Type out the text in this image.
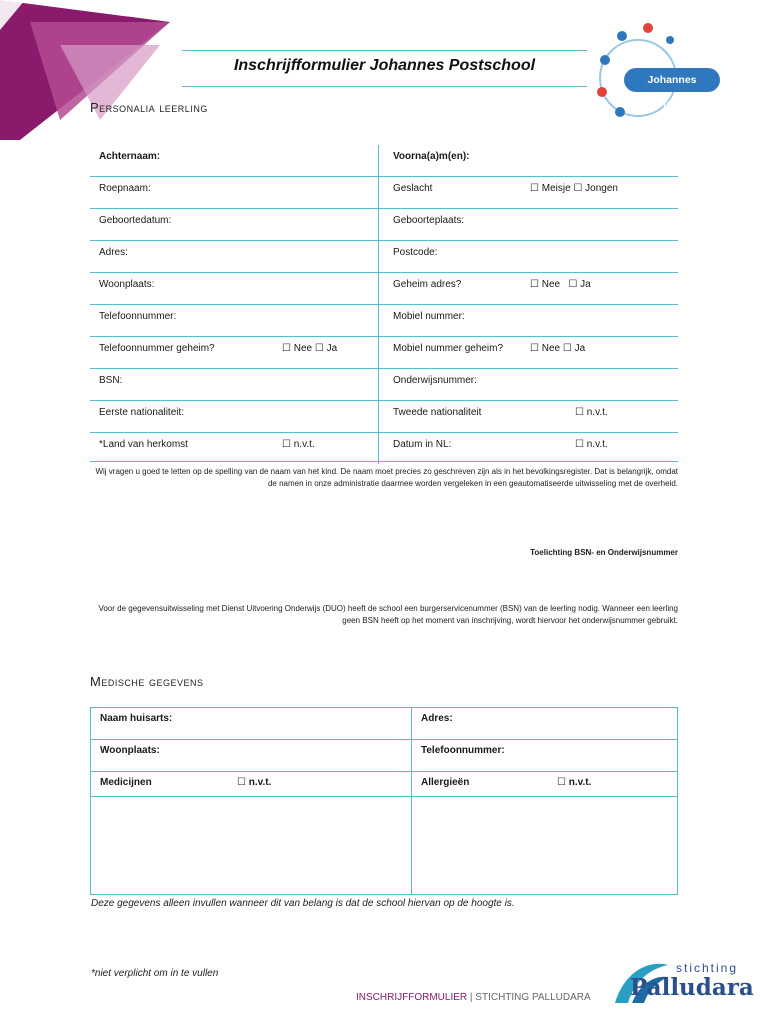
Inschrijfformulier Johannes Postschool
Johannes Postschool
Personalia leerling
Achternaam:	Voorna(a)m(en):
Roepnaam:	Geslacht	☐ Meisje ☐ Jongen
Geboortedatum:	Geboorteplaats:
Adres:	Postcode:
Woonplaats:	Geheim adres?	☐ Nee   ☐ Ja
Telefoonnummer:	Mobiel nummer:
Telefoonnummer geheim?	☐ Nee ☐ Ja	Mobiel nummer geheim?	☐ Nee ☐ Ja
BSN:	Onderwijsnummer:
Eerste nationaliteit:	Tweede nationaliteit	☐ n.v.t.
*Land van herkomst	☐ n.v.t.	Datum in NL:	☐ n.v.t.
Wij vragen u goed te letten op de spelling van de naam van het kind. De naam moet precies zo geschreven zijn als in het bevolkingsregister. Dat is belangrijk, omdat de namen in onze administratie daarmee worden vergeleken in een geautomatiseerde uitwisseling met de overheid.
Toelichting BSN- en Onderwijsnummer
Voor de gegevensuitwisseling met Dienst Uitvoering Onderwijs (DUO) heeft de school een burgerservicenummer (BSN) van de leerling nodig. Wanneer een leerling geen BSN heeft op het moment van inschrijving, wordt hiervoor het onderwijsnummer gebruikt.
Medische gegevens
Naam huisarts:	Adres:
Woonplaats:	Telefoonnummer:
Medicijnen	☐ n.v.t.	Allergieën	☐ n.v.t.
Deze gegevens alleen invullen wanneer dit van belang is dat de school hiervan op de hoogte is.
*niet verplicht om in te vullen
INSCHRIJFFORMULIER | STICHTING PALLUDARA
stichting
Palludara
